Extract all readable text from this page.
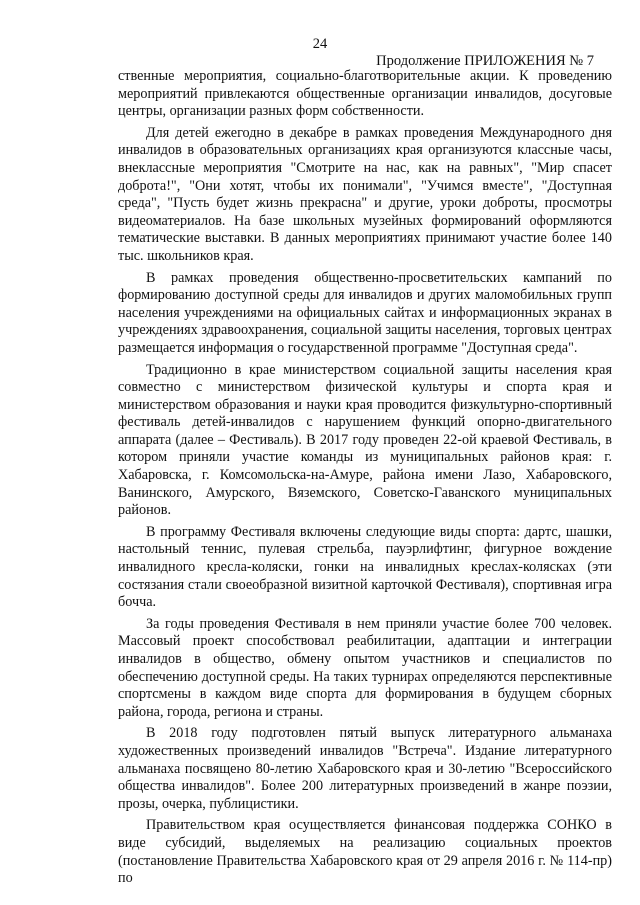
24
Продолжение ПРИЛОЖЕНИЯ № 7

ственные мероприятия, социально-благотворительные акции. К проведению мероприятий привлекаются общественные организации инвалидов, досуговые центры, организации разных форм собственности.

Для детей ежегодно в декабре в рамках проведения Международного дня инвалидов в образовательных организациях края организуются классные часы, внеклассные мероприятия "Смотрите на нас, как на равных", "Мир спасет доброта!", "Они хотят, чтобы их понимали", "Учимся вместе", "Доступная среда", "Пусть будет жизнь прекрасна" и другие, уроки доброты, просмотры видеоматериалов. На базе школьных музейных формирований оформляются тематические выставки. В данных мероприятиях принимают участие более 140 тыс. школьников края.

В рамках проведения общественно-просветительских кампаний по формированию доступной среды для инвалидов и других маломобильных групп населения учреждениями на официальных сайтах и информационных экранах в учреждениях здравоохранения, социальной защиты населения, торговых центрах размещается информация о государственной программе "Доступная среда".

Традиционно в крае министерством социальной защиты населения края совместно с министерством физической культуры и спорта края и министерством образования и науки края проводится физкультурно-спортивный фестиваль детей-инвалидов с нарушением функций опорно-двигательного аппарата (далее – Фестиваль). В 2017 году проведен 22-ой краевой Фестиваль, в котором приняли участие команды из муниципальных районов края: г. Хабаровска, г. Комсомольска-на-Амуре, района имени Лазо, Хабаровского, Ванинского, Амурского, Вяземского, Советско-Гаванского муниципальных районов.

В программу Фестиваля включены следующие виды спорта: дартс, шашки, настольный теннис, пулевая стрельба, пауэрлифтинг, фигурное вождение инвалидного кресла-коляски, гонки на инвалидных креслах-колясках (эти состязания стали своеобразной визитной карточкой Фестиваля), спортивная игра бочча.

За годы проведения Фестиваля в нем приняли участие более 700 человек. Массовый проект способствовал реабилитации, адаптации и интеграции инвалидов в общество, обмену опытом участников и специалистов по обеспечению доступной среды. На таких турнирах определяются перспективные спортсмены в каждом виде спорта для формирования в будущем сборных района, города, региона и страны.

В 2018 году подготовлен пятый выпуск литературного альманаха художественных произведений инвалидов "Встреча". Издание литературного альманаха посвящено 80-летию Хабаровского края и 30-летию "Всероссийского общества инвалидов". Более 200 литературных произведений в жанре поэзии, прозы, очерка, публицистики.

Правительством края осуществляется финансовая поддержка СОНКО в виде субсидий, выделяемых на реализацию социальных проектов (постановление Правительства Хабаровского края от 29 апреля 2016 г. № 114-пр) по
